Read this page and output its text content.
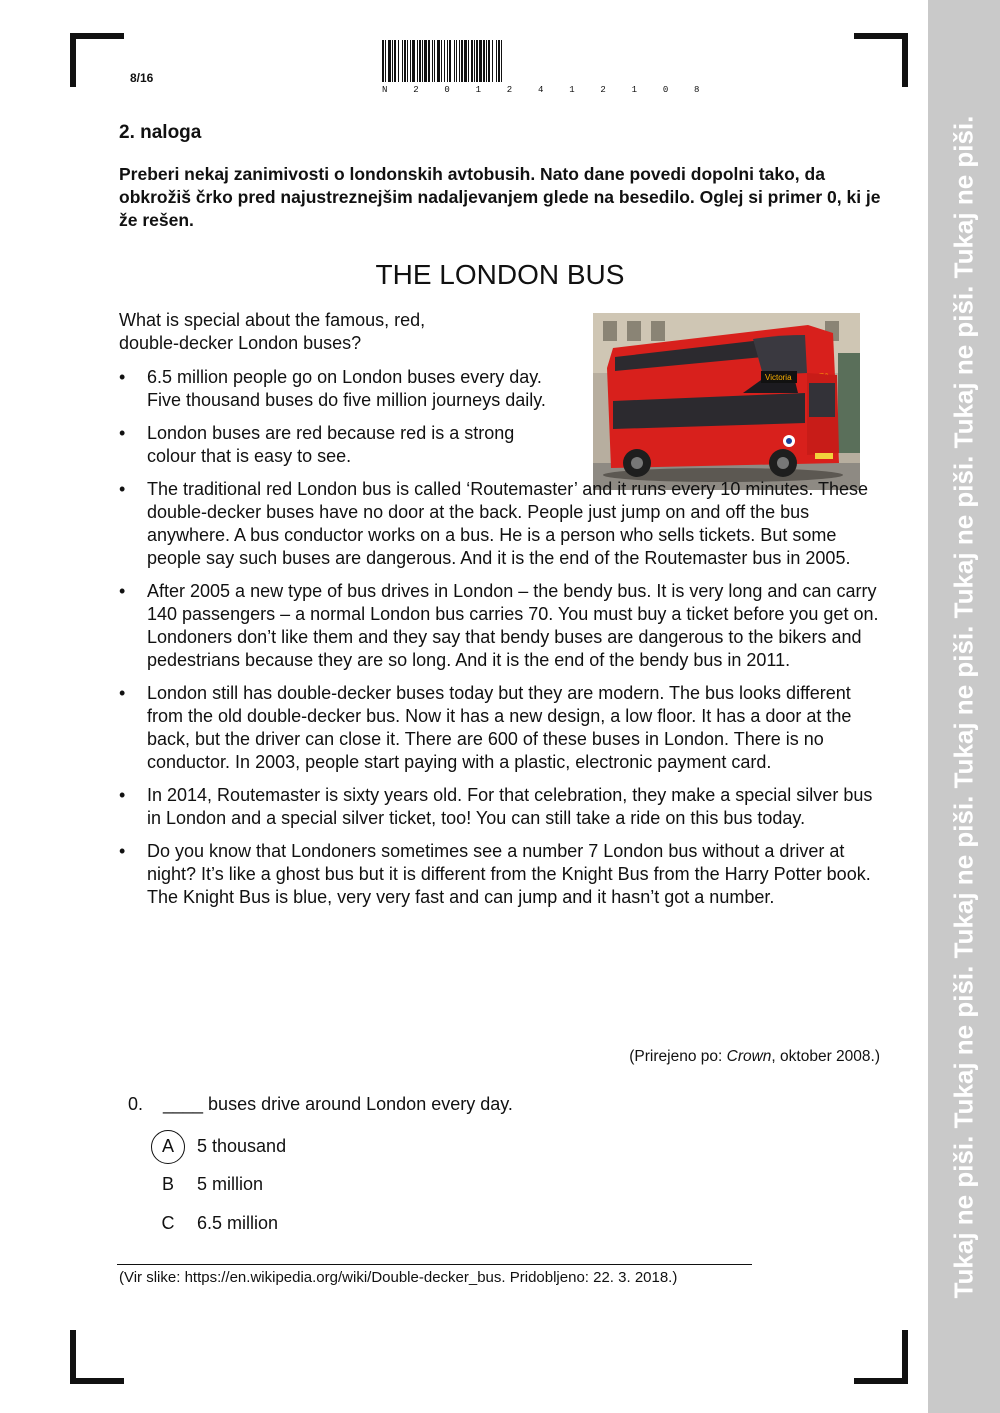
8/16
N 2 0 1 2 4 1 2 1 0 8
Tukaj ne piši. Tukaj ne piši. Tukaj ne piši. Tukaj ne piši. Tukaj ne piši. Tukaj ne piši. Tukaj ne piši.
2. naloga
Preberi nekaj zanimivosti o londonskih avtobusih. Nato dane povedi dopolni tako, da obkrožiš črko pred najustreznejšim nadaljevanjem glede na besedilo. Oglej si primer 0, ki je že rešen.
THE LONDON BUS
What is special about the famous, red, double-decker London buses?
Victoria
• 6.5 million people go on London buses every day. Five thousand buses do five million journeys daily.
• London buses are red because red is a strong colour that is easy to see.
• The traditional red London bus is called ‘Routemaster’ and it runs every 10 minutes. These double-decker buses have no door at the back. People just jump on and off the bus anywhere. A bus conductor works on a bus. He is a person who sells tickets. But some people say such buses are dangerous. And it is the end of the Routemaster bus in 2005.
• After 2005 a new type of bus drives in London – the bendy bus. It is very long and can carry 140 passengers – a normal London bus carries 70. You must buy a ticket before you get on. Londoners don’t like them and they say that bendy buses are dangerous to the bikers and pedestrians because they are so long. And it is the end of the bendy bus in 2011.
• London still has double-decker buses today but they are modern. The bus looks different from the old double-decker bus. Now it has a new design, a low floor. It has a door at the back, but the driver can close it. There are 600 of these buses in London. There is no conductor. In 2003, people start paying with a plastic, electronic payment card.
• In 2014, Routemaster is sixty years old. For that celebration, they make a special silver bus in London and a special silver ticket, too! You can still take a ride on this bus today.
• Do you know that Londoners sometimes see a number 7 London bus without a driver at night? It’s like a ghost bus but it is different from the Knight Bus from the Harry Potter book. The Knight Bus is blue, very very fast and can jump and it hasn’t got a number.
(Prirejeno po: Crown, oktober 2008.)
0. ____ buses drive around London every day.
A 5 thousand
B 5 million
C 6.5 million
(Vir slike: https://en.wikipedia.org/wiki/Double-decker_bus. Pridobljeno: 22. 3. 2018.)
